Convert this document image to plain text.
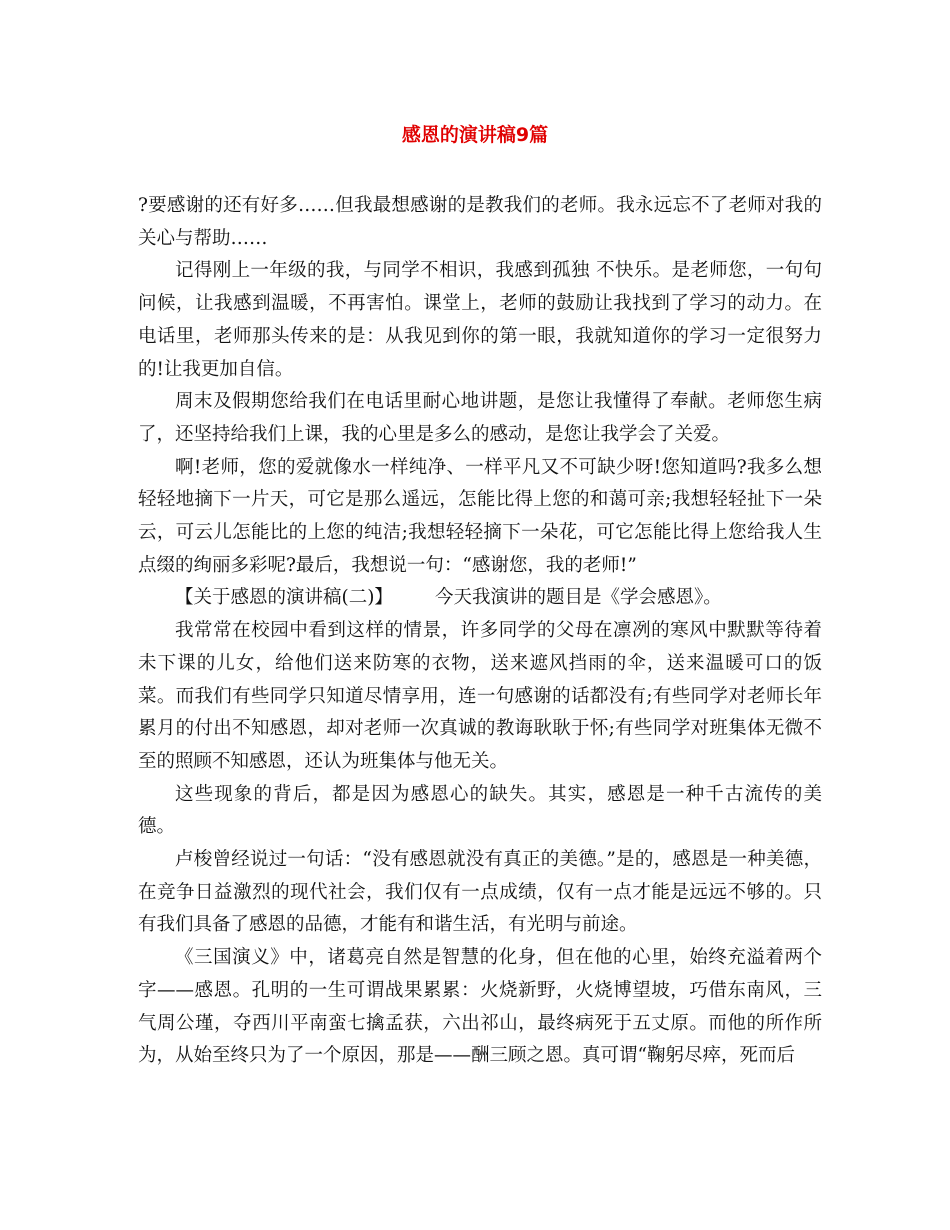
感恩的演讲稿9篇

?要感谢的还有好多……但我最想感谢的是教我们的老师。我永远忘不了老师对我的关心与帮助……

记得刚上一年级的我，与同学不相识，我感到孤独 不快乐。是老师您，一句句问候，让我感到温暖，不再害怕。课堂上，老师的鼓励让我找到了学习的动力。在电话里，老师那头传来的是：从我见到你的第一眼，我就知道你的学习一定很努力的!让我更加自信。

周末及假期您给我们在电话里耐心地讲题，是您让我懂得了奉献。老师您生病了，还坚持给我们上课，我的心里是多么的感动，是您让我学会了关爱。

啊!老师，您的爱就像水一样纯净、一样平凡又不可缺少呀!您知道吗?我多么想轻轻地摘下一片天，可它是那么遥远，怎能比得上您的和蔼可亲;我想轻轻扯下一朵云，可云儿怎能比的上您的纯洁;我想轻轻摘下一朵花，可它怎能比得上您给我人生点缀的绚丽多彩呢?最后，我想说一句：“感谢您，我的老师!”

【关于感恩的演讲稿(二)】 今天我演讲的题目是《学会感恩》。

我常常在校园中看到这样的情景，许多同学的父母在凛冽的寒风中默默等待着未下课的儿女，给他们送来防寒的衣物，送来遮风挡雨的伞，送来温暖可口的饭菜。而我们有些同学只知道尽情享用，连一句感谢的话都没有;有些同学对老师长年累月的付出不知感恩，却对老师一次真诚的教诲耿耿于怀;有些同学对班集体无微不至的照顾不知感恩，还认为班集体与他无关。

这些现象的背后，都是因为感恩心的缺失。其实，感恩是一种千古流传的美德。

卢梭曾经说过一句话：“没有感恩就没有真正的美德。”是的，感恩是一种美德，在竞争日益激烈的现代社会，我们仅有一点成绩，仅有一点才能是远远不够的。只有我们具备了感恩的品德，才能有和谐生活，有光明与前途。

《三国演义》中，诸葛亮自然是智慧的化身，但在他的心里，始终充溢着两个字——感恩。孔明的一生可谓战果累累：火烧新野，火烧博望坡，巧借东南风，三气周公瑾，夺西川平南蛮七擒孟获，六出祁山，最终病死于五丈原。而他的所作所为，从始至终只为了一个原因，那是——酬三顾之恩。真可谓“鞠躬尽瘁，死而后
